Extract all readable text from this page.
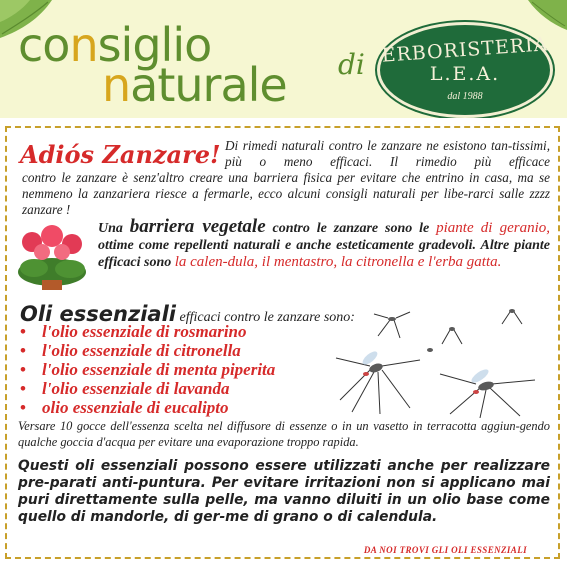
consiglio
naturale di ERBORISTERIA
L.E.A.
dal 1988
Adiós Zanzare! Di rimedi naturali contro le zanzare ne esistono tan-tissimi, più o meno efficaci. Il rimedio più efficace
contro le zanzare è senz'altro creare una barriera fisica per evitare che entrino in casa, ma se nemmeno la zanzariera riesce a fermarle, ecco alcuni consigli naturali per libe-rarci salle zzzz zanzare !
Una barriera vegetale contro le zanzare sono le piante di geranio, ottime come repellenti naturali e anche esteticamente gradevoli. Altre piante efficaci sono la calen-dula, il mentastro, la citronella e l'erba gatta.
Oli essenziali efficaci contro le zanzare sono:
• l'olio essenziale di rosmarino
• l'olio essenziale di citronella
• l'olio essenziale di menta piperita
• l'olio essenziale di lavanda
• olio essenziale di eucalipto
Versare 10 gocce dell'essenza scelta nel diffusore di essenze o in un vasetto in terracotta aggiun-gendo qualche goccia d'acqua per evitare una evaporazione troppo rapida.
Questi oli essenziali possono essere utilizzati anche per realizzare pre-parati anti-puntura. Per evitare irritazioni non si applicano mai puri direttamente sulla pelle, ma vanno diluiti in un olio base come quello di mandorle, di ger-me di grano o di calendula.
DA NOI TROVI GLI OLI ESSENZIALI
